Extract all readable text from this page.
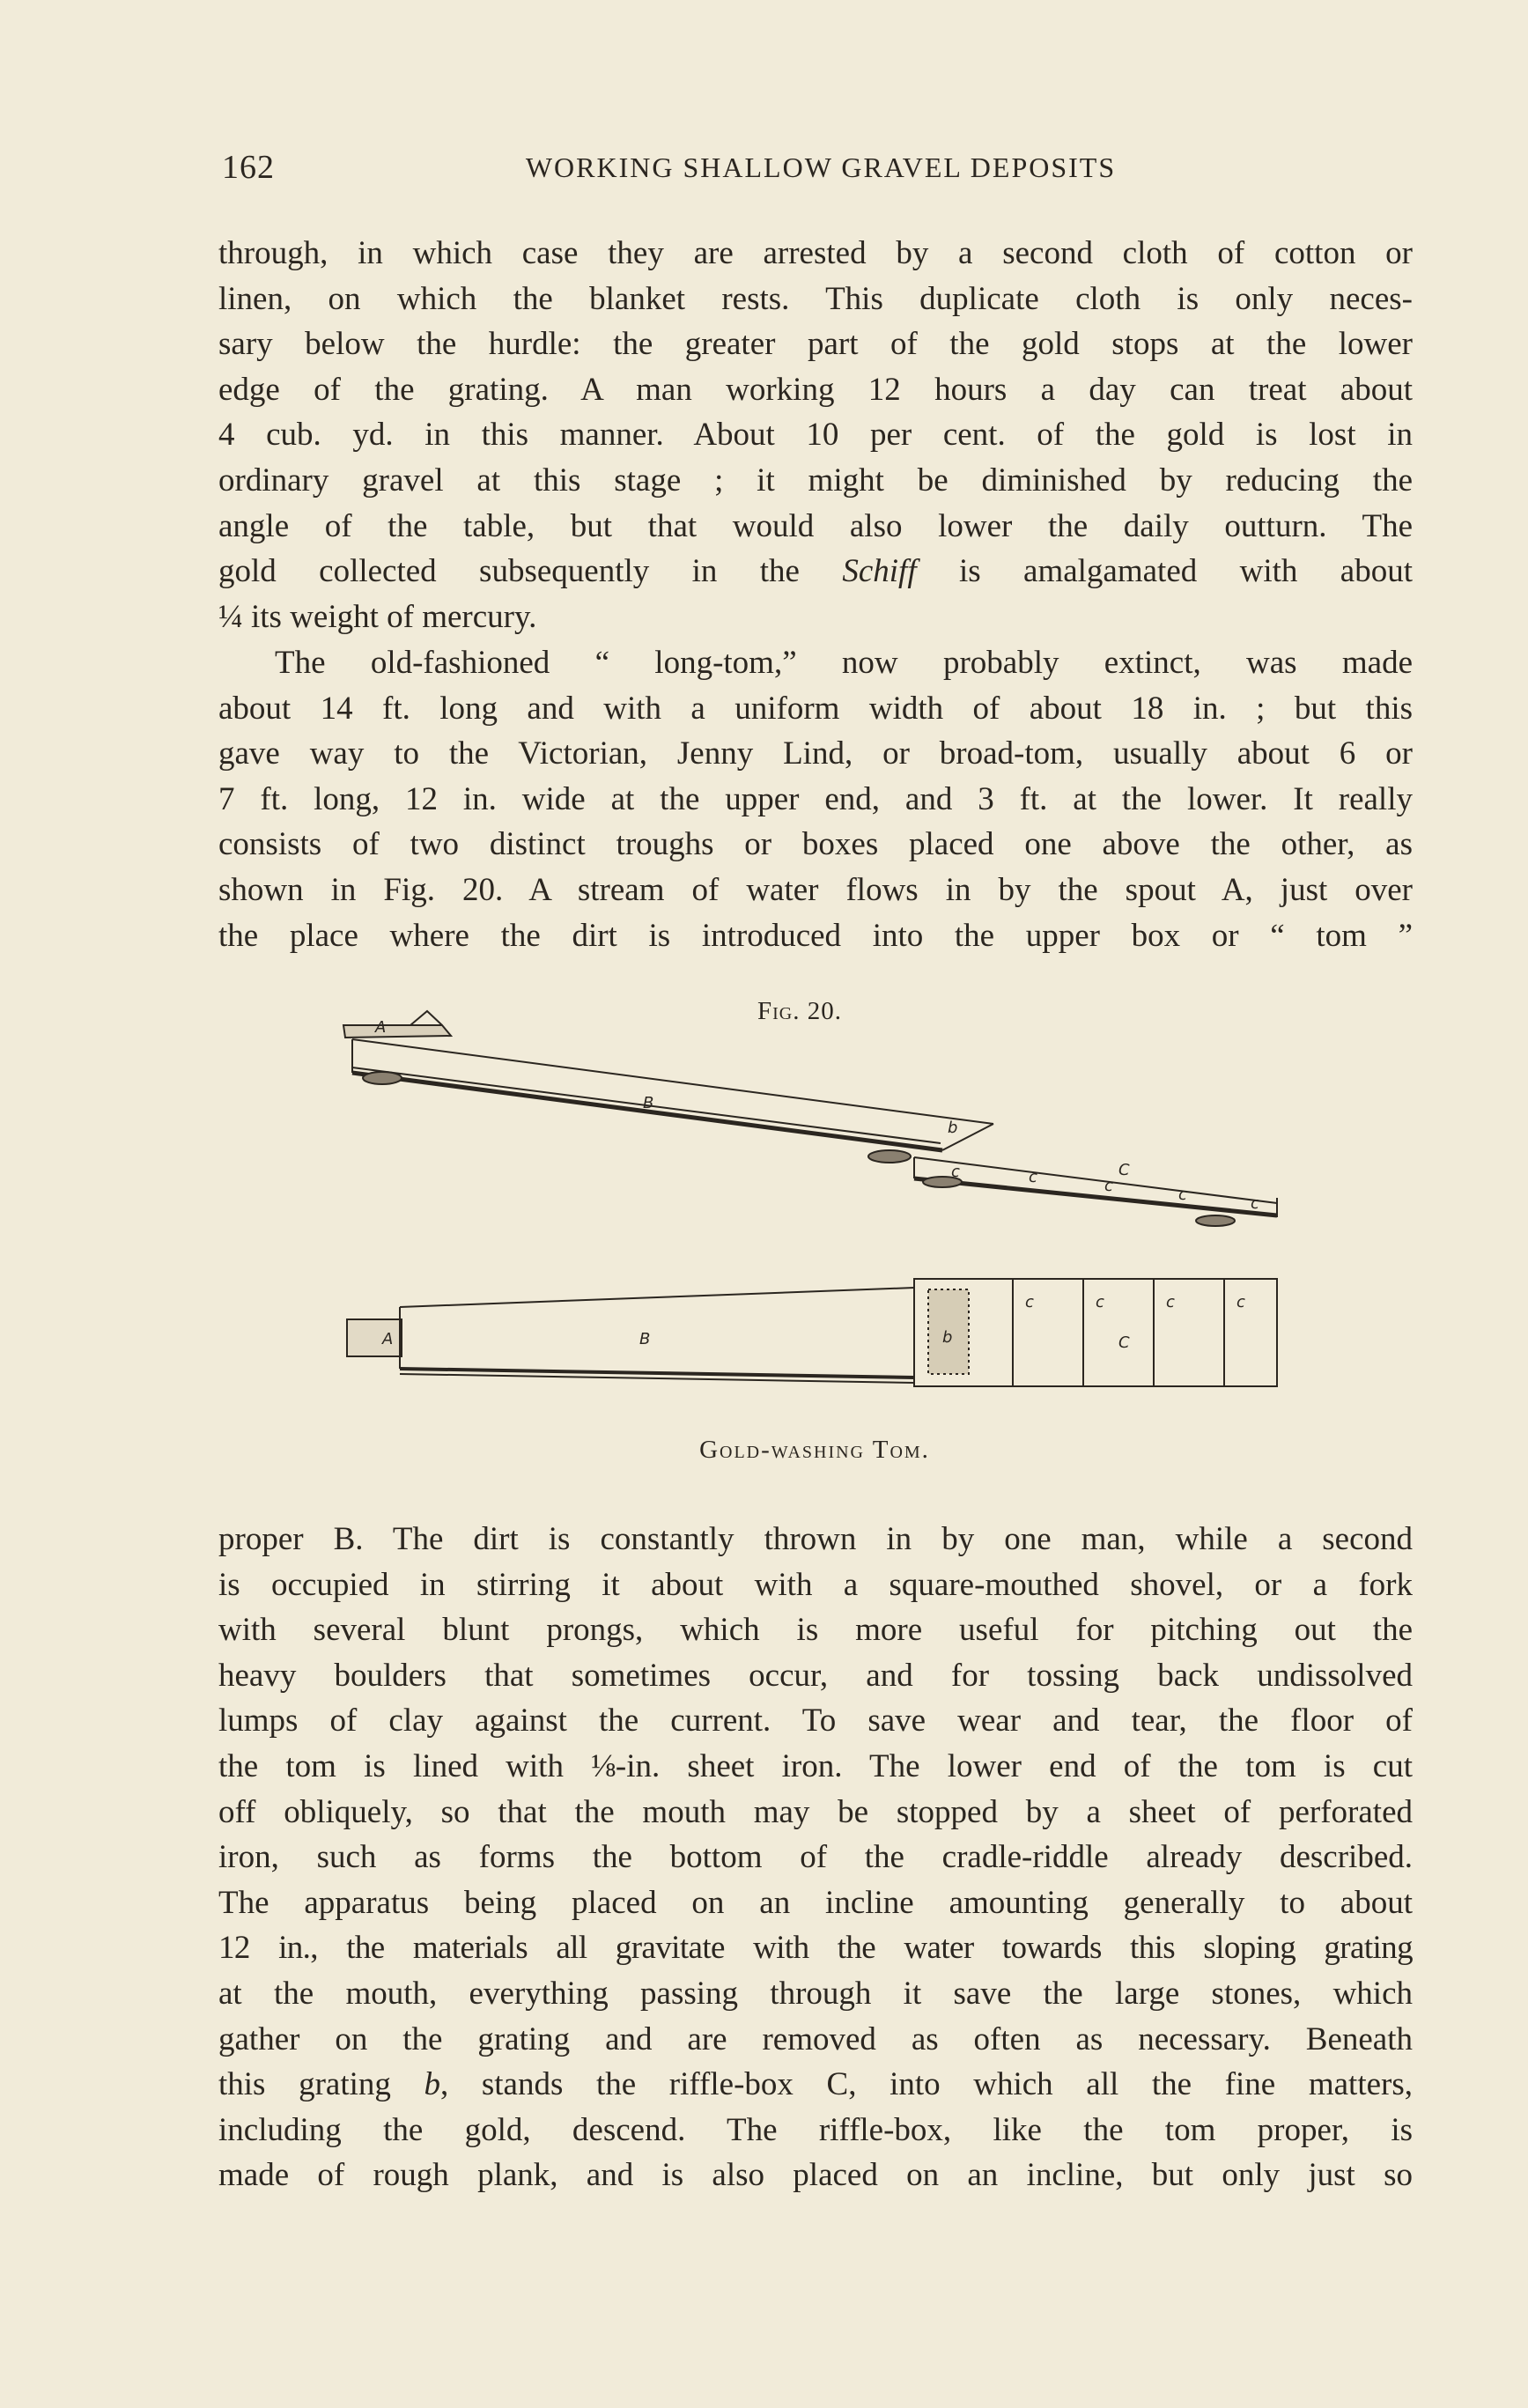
162	WORKING SHALLOW GRAVEL DEPOSITS
through, in which case they are arrested by a second cloth of cotton or
linen, on which the blanket rests. This duplicate cloth is only neces-
sary below the hurdle: the greater part of the gold stops at the lower
edge of the grating. A man working 12 hours a day can treat about
4 cub. yd. in this manner. About 10 per cent. of the gold is lost in
ordinary gravel at this stage ; it might be diminished by reducing the
angle of the table, but that would also lower the daily outturn. The
gold collected subsequently in the Schiff is amalgamated with about
¼ its weight of mercury.
The old-fashioned “ long-tom,” now probably extinct, was made
about 14 ft. long and with a uniform width of about 18 in. ; but this
gave way to the Victorian, Jenny Lind, or broad-tom, usually about 6 or
7 ft. long, 12 in. wide at the upper end, and 3 ft. at the lower. It really
consists of two distinct troughs or boxes placed one above the other, as
shown in Fig. 20. A stream of water flows in by the spout A, just over
the place where the dirt is introduced into the upper box or “ tom ”
Fig. 20.
A
B
b
C
c	c	c	c	c
A	B	b	C
c	c	c	c
Gold-washing Tom.
proper B. The dirt is constantly thrown in by one man, while a second
is occupied in stirring it about with a square-mouthed shovel, or a fork
with several blunt prongs, which is more useful for pitching out the
heavy boulders that sometimes occur, and for tossing back undissolved
lumps of clay against the current. To save wear and tear, the floor of
the tom is lined with ⅛-in. sheet iron. The lower end of the tom is cut
off obliquely, so that the mouth may be stopped by a sheet of perforated
iron, such as forms the bottom of the cradle-riddle already described.
The apparatus being placed on an incline amounting generally to about
12 in., the materials all gravitate with the water towards this sloping grating
at the mouth, everything passing through it save the large stones, which
gather on the grating and are removed as often as necessary. Beneath
this grating b, stands the riffle-box C, into which all the fine matters,
including the gold, descend. The riffle-box, like the tom proper, is
made of rough plank, and is also placed on an incline, but only just so
